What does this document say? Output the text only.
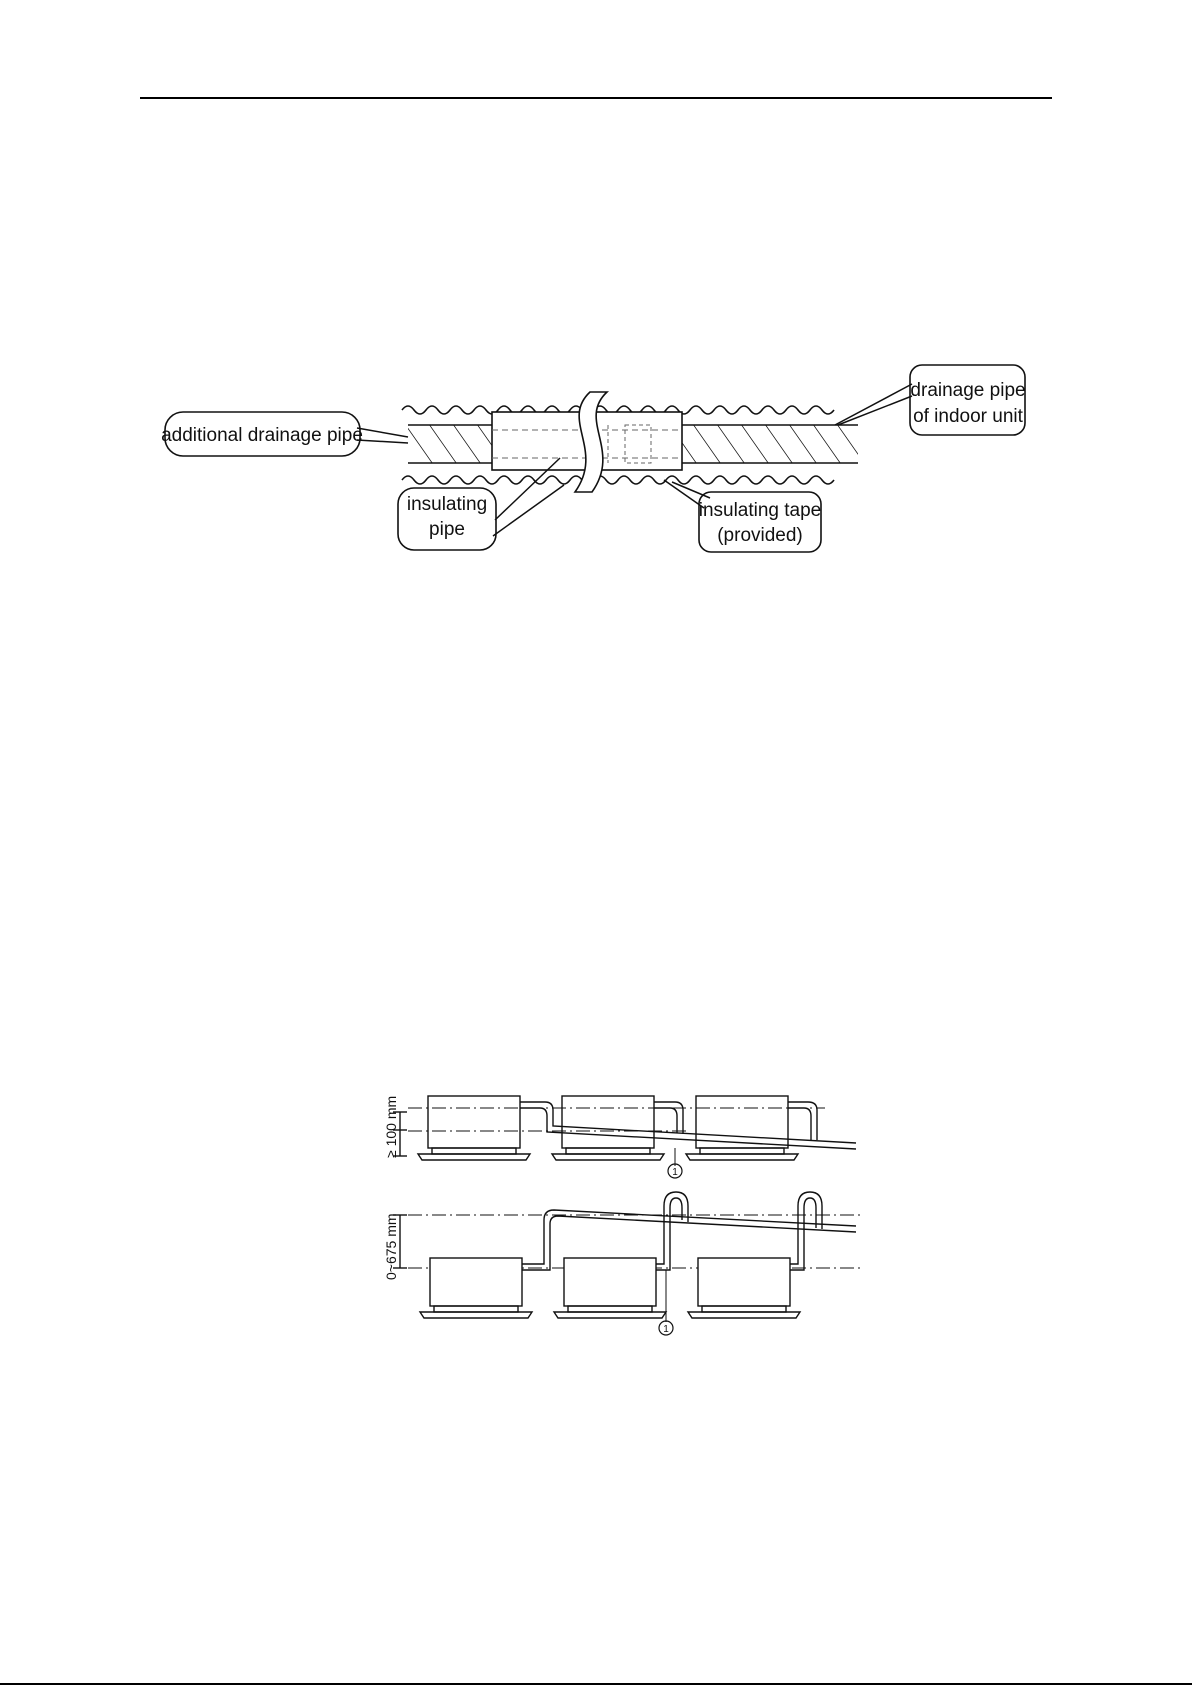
additional drainage pipe
drainage pipe
of indoor unit
insulating
pipe
insulating tape
(provided)
≥ 100 mm
0~675 mm
1
1
